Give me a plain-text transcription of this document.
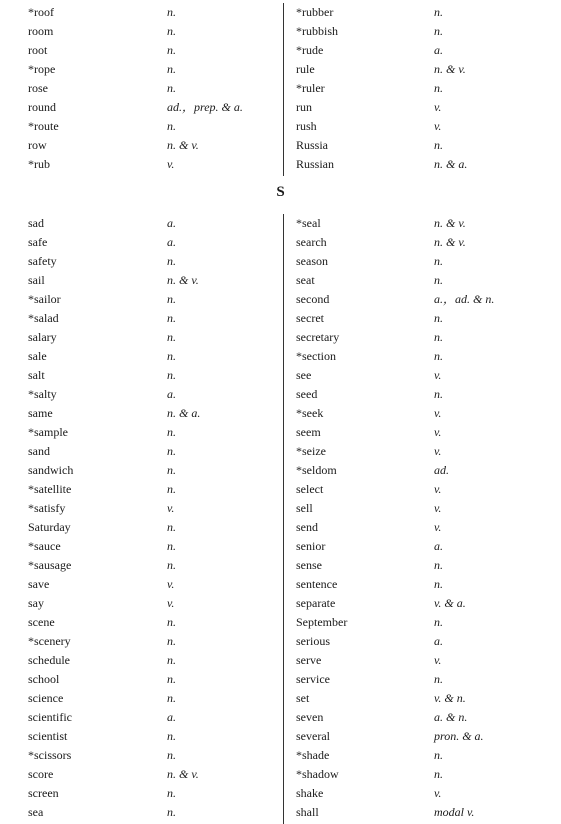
*roof	n.
room	n.
root	n.
*rope	n.
rose	n.
round	ad.，prep. & a.
*route	n.
row	n. & v.
*rub	v.
*rubber	n.
*rubbish	n.
*rude	a.
rule	n. & v.
*ruler	n.
run	v.
rush	v.
Russia	n.
Russian	n. & a.
S
sad	a.
safe	a.
safety	n.
sail	n. & v.
*sailor	n.
*salad	n.
salary	n.
sale	n.
salt	n.
*salty	a.
same	n. & a.
*sample	n.
sand	n.
sandwich	n.
*satellite	n.
*satisfy	v.
Saturday	n.
*sauce	n.
*sausage	n.
save	v.
say	v.
scene	n.
*scenery	n.
schedule	n.
school	n.
science	n.
scientific	a.
scientist	n.
*scissors	n.
score	n. & v.
screen	n.
sea	n.
*seal	n. & v.
search	n. & v.
season	n.
seat	n.
second	a.，ad. & n.
secret	n.
secretary	n.
*section	n.
see	v.
seed	n.
*seek	v.
seem	v.
*seize	v.
*seldom	ad.
select	v.
sell	v.
send	v.
senior	a.
sense	n.
sentence	n.
separate	v. & a.
September	n.
serious	a.
serve	v.
service	n.
set	v. & n.
seven	a. & n.
several	pron. & a.
*shade	n.
*shadow	n.
shake	v.
shall	modal v.
